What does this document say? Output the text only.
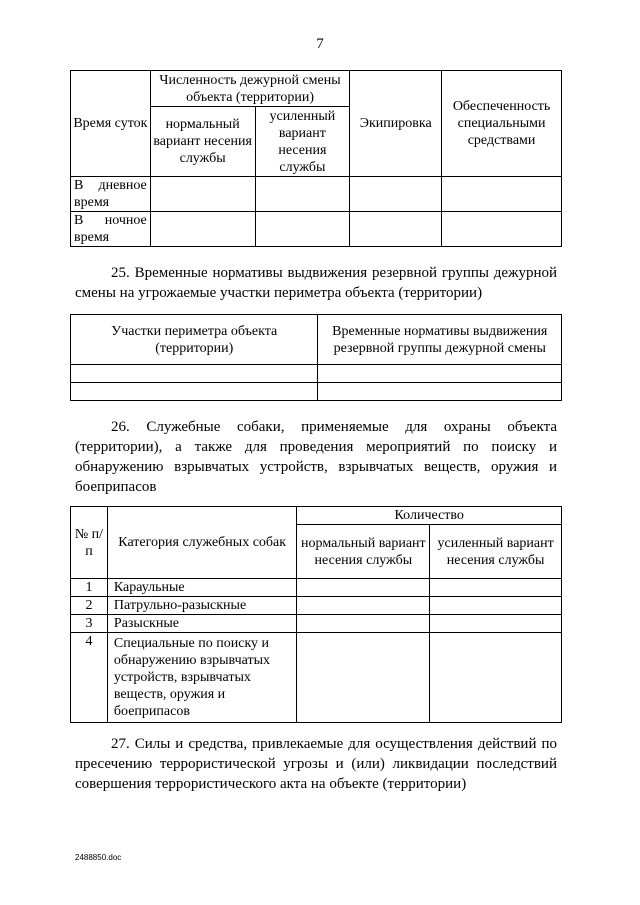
7
Время суток	Численность дежурной смены объекта (территории)		Экипировка	Обеспеченность специальными средствами
	нормальный вариант несения службы	усиленный вариант несения службы		
В дневное время				
В ночное время				

25. Временные нормативы выдвижения резервной группы дежурной смены на угрожаемые участки периметра объекта (территории)

Участки периметра объекта (территории)	Временные нормативы выдвижения резервной группы дежурной смены

26. Служебные собаки, применяемые для охраны объекта (территории), а также для проведения мероприятий по поиску и обнаружению взрывчатых устройств, взрывчатых веществ, оружия и боеприпасов

№ п/п	Категория служебных собак	Количество	
		нормальный вариант несения службы	усиленный вариант несения службы
1	Караульные		
2	Патрульно-разыскные		
3	Разыскные		
4	Специальные по поиску и обнаружению взрывчатых устройств, взрывчатых веществ, оружия и боеприпасов		

27. Силы и средства, привлекаемые для осуществления действий по пресечению террористической угрозы и (или) ликвидации последствий совершения террористического акта на объекте (территории)

2488850.doc
